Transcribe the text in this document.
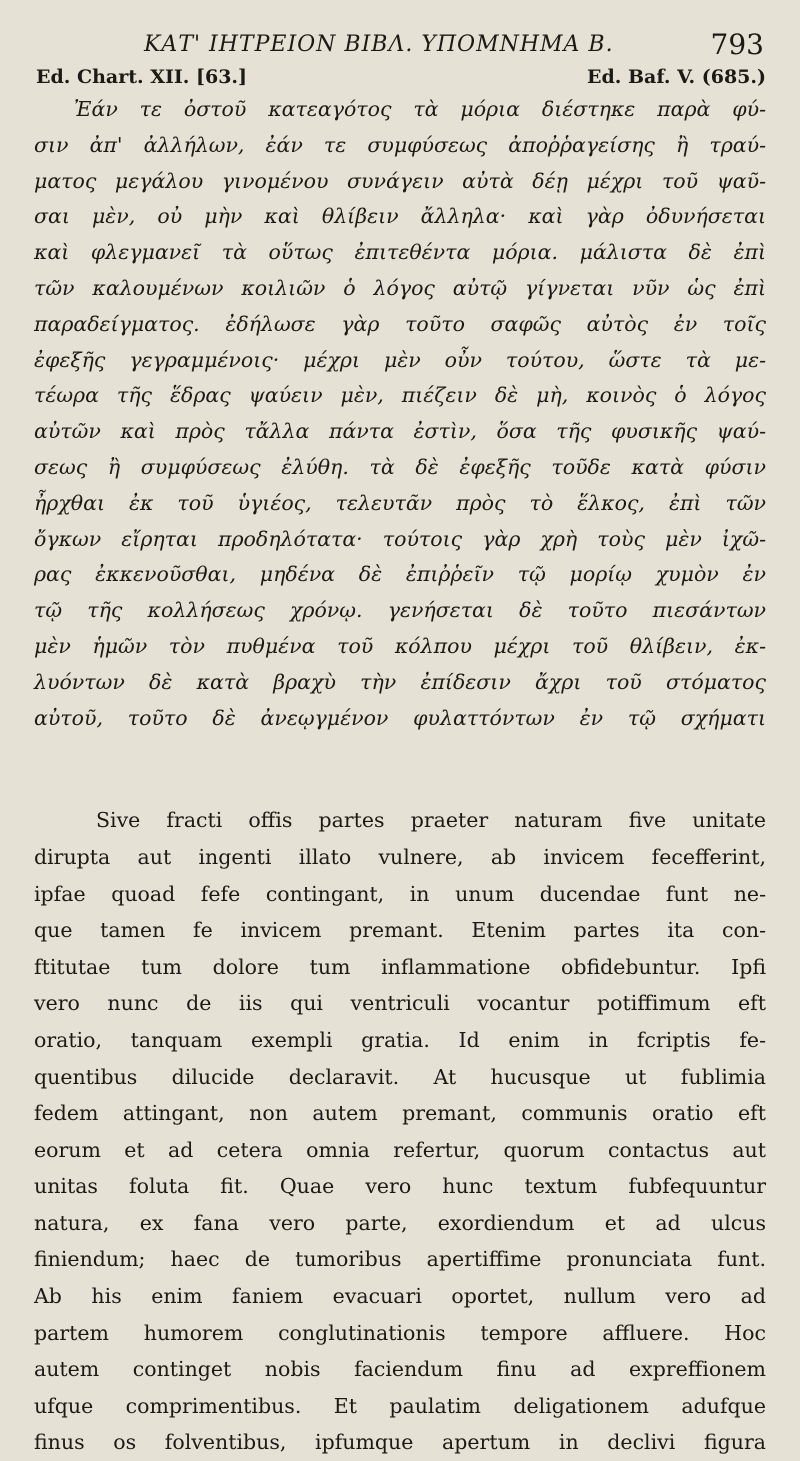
ΚΑΤ' ΙΗΤΡΕΙΟΝ ΒΙΒΛ. ΥΠΟΜΝΗΜΑ Β.	793
Ed. Chart. XII. [63.]	Ed. Baf. V. (685.)
Ἐάν τε ὀστοῦ κατεαγότος τὰ μόρια διέστηκε παρὰ φύ-
σιν ἀπ' ἀλλήλων, ἐάν τε συμφύσεως ἀποῤῥαγείσης ἢ τραύ-
ματος μεγάλου γινομένου συνάγειν αὐτὰ δέῃ μέχρι τοῦ ψαῦ-
σαι μὲν, οὐ μὴν καὶ θλίβειν ἄλληλα· καὶ γὰρ ὀδυνήσεται
καὶ φλεγμανεῖ τὰ οὕτως ἐπιτεθέντα μόρια. μάλιστα δὲ ἐπὶ
τῶν καλουμένων κοιλιῶν ὁ λόγος αὐτῷ γίγνεται νῦν ὡς ἐπὶ
παραδείγματος. ἐδήλωσε γὰρ τοῦτο σαφῶς αὐτὸς ἐν τοῖς
ἐφεξῆς γεγραμμένοις· μέχρι μὲν οὖν τούτου, ὥστε τὰ με-
τέωρα τῆς ἕδρας ψαύειν μὲν, πιέζειν δὲ μὴ, κοινὸς ὁ λόγος
αὐτῶν καὶ πρὸς τἄλλα πάντα ἐστὶν, ὅσα τῆς φυσικῆς ψαύ-
σεως ἢ συμφύσεως ἐλύθη. τὰ δὲ ἐφεξῆς τοῦδε κατὰ φύσιν
ἦρχθαι ἐκ τοῦ ὑγιέος, τελευτᾶν πρὸς τὸ ἕλκος, ἐπὶ τῶν
ὄγκων εἴρηται προδηλότατα· τούτοις γὰρ χρὴ τοὺς μὲν ἰχῶ-
ρας ἐκκενοῦσθαι, μηδένα δὲ ἐπιῤῥεῖν τῷ μορίῳ χυμὸν ἐν
τῷ τῆς κολλήσεως χρόνῳ. γενήσεται δὲ τοῦτο πιεσάντων
μὲν ἡμῶν τὸν πυθμένα τοῦ κόλπου μέχρι τοῦ θλίβειν, ἐκ-
λυόντων δὲ κατὰ βραχὺ τὴν ἐπίδεσιν ἄχρι τοῦ στόματος
αὐτοῦ, τοῦτο δὲ ἀνεῳγμένον φυλαττόντων ἐν τῷ σχήματι
Sive fracti offis partes praeter naturam five unitate
dirupta aut ingenti illato vulnere, ab invicem fecefferint,
ipfae quoad fefe contingant, in unum ducendae funt ne-
que tamen fe invicem premant. Etenim partes ita con-
ftitutae tum dolore tum inflammatione obfidebuntur. Ipfi
vero nunc de iis qui ventriculi vocantur potiffimum eft
oratio, tanquam exempli gratia. Id enim in fcriptis fe-
quentibus dilucide declaravit. At hucusque ut fublimia
fedem attingant, non autem premant, communis oratio eft
eorum et ad cetera omnia refertur, quorum contactus aut
unitas foluta fit. Quae vero hunc textum fubfequuntur
natura, ex fana vero parte, exordiendum et ad ulcus
finiendum; haec de tumoribus apertiffime pronunciata funt.
Ab his enim faniem evacuari oportet, nullum vero ad
partem humorem conglutinationis tempore affluere. Hoc
autem continget nobis faciendum finu ad expreffionem
ufque comprimentibus. Et paulatim deligationem adufque
finus os folventibus, ipfumque apertum in declivi figura
